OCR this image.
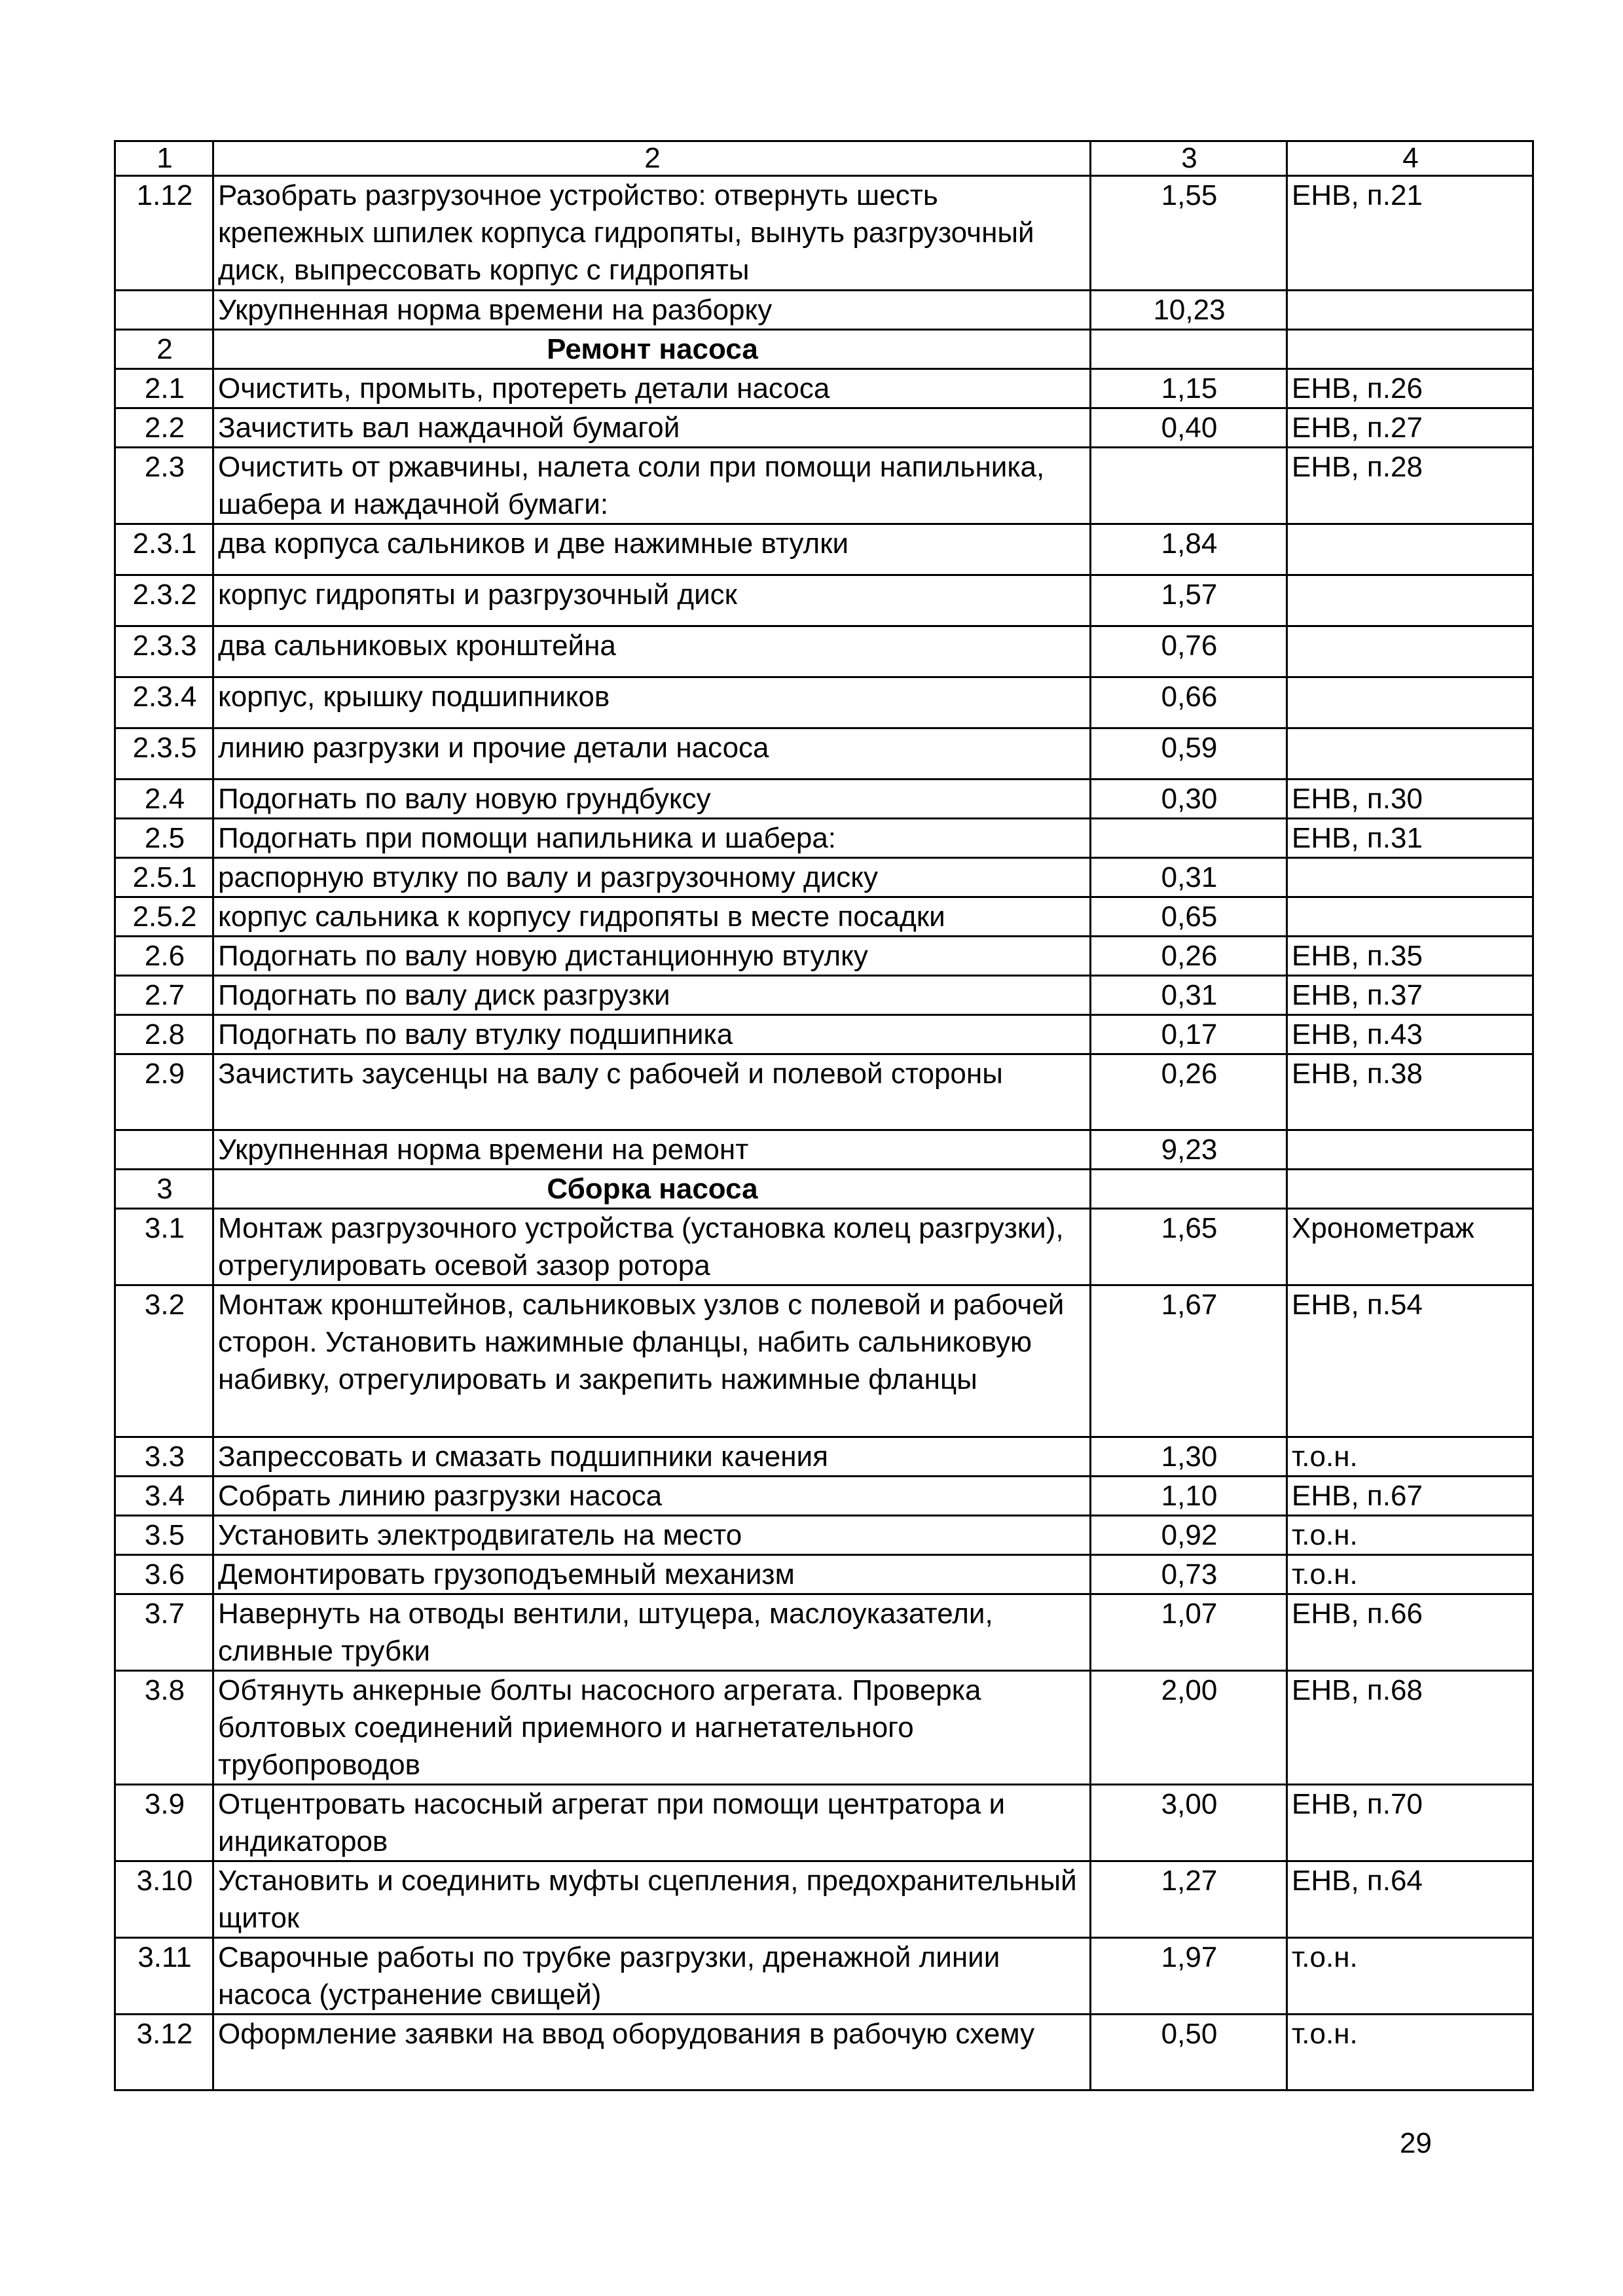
1	2	3	4
1.12	Разобрать разгрузочное устройство: отвернуть шесть крепежных шпилек корпуса гидропяты, вынуть разгрузочный диск, выпрессовать корпус с гидропяты	1,55	ЕНВ, п.21
	Укрупненная норма времени на разборку	10,23	
2	Ремонт насоса		
2.1	Очистить, промыть, протереть детали насоса	1,15	ЕНВ, п.26
2.2	Зачистить вал наждачной бумагой	0,40	ЕНВ, п.27
2.3	Очистить от ржавчины, налета соли при помощи напильника, шабера и наждачной бумаги:		ЕНВ, п.28
2.3.1	два корпуса сальников и две нажимные втулки	1,84	
2.3.2	корпус гидропяты и разгрузочный диск	1,57	
2.3.3	два сальниковых кронштейна	0,76	
2.3.4	корпус, крышку подшипников	0,66	
2.3.5	линию разгрузки и прочие детали насоса	0,59	
2.4	Подогнать по валу новую грундбуксу	0,30	ЕНВ, п.30
2.5	Подогнать при помощи напильника и шабера:		ЕНВ, п.31
2.5.1	распорную втулку по валу и разгрузочному диску	0,31	
2.5.2	корпус сальника к корпусу гидропяты в месте посадки	0,65	
2.6	Подогнать по валу новую дистанционную втулку	0,26	ЕНВ, п.35
2.7	Подогнать по валу диск разгрузки	0,31	ЕНВ, п.37
2.8	Подогнать по валу втулку подшипника	0,17	ЕНВ, п.43
2.9	Зачистить заусенцы на валу с рабочей и полевой стороны	0,26	ЕНВ, п.38
	Укрупненная норма времени на ремонт	9,23	
3	Сборка насоса		
3.1	Монтаж разгрузочного устройства (установка колец разгрузки), отрегулировать осевой зазор ротора	1,65	Хронометраж
3.2	Монтаж кронштейнов, сальниковых узлов с полевой и рабочей сторон. Установить нажимные фланцы, набить сальниковую набивку, отрегулировать и закрепить нажимные фланцы	1,67	ЕНВ, п.54
3.3	Запрессовать и смазать подшипники качения	1,30	т.о.н.
3.4	Собрать линию разгрузки насоса	1,10	ЕНВ, п.67
3.5	Установить электродвигатель на место	0,92	т.о.н.
3.6	Демонтировать грузоподъемный механизм	0,73	т.о.н.
3.7	Навернуть на отводы вентили, штуцера, маслоуказатели, сливные трубки	1,07	ЕНВ, п.66
3.8	Обтянуть анкерные болты насосного агрегата. Проверка болтовых соединений приемного и нагнетательного трубопроводов	2,00	ЕНВ, п.68
3.9	Отцентровать насосный агрегат при помощи центратора и индикаторов	3,00	ЕНВ, п.70
3.10	Установить и соединить муфты сцепления, предохранительный щиток	1,27	ЕНВ, п.64
3.11	Сварочные работы по трубке разгрузки, дренажной линии насоса (устранение свищей)	1,97	т.о.н.
3.12	Оформление заявки на ввод оборудования в рабочую схему	0,50	т.о.н.
29
